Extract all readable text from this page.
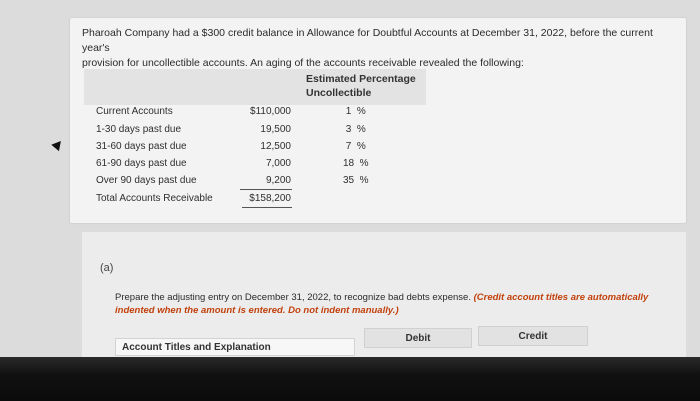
Pharoah Company had a $300 credit balance in Allowance for Doubtful Accounts at December 31, 2022, before the current year's
provision for uncollectible accounts. An aging of the accounts receivable revealed the following:
Estimated Percentage
Uncollectible
Current Accounts	$110,000	1  %
1-30 days past due	19,500	3  %
31-60 days past due	12,500	7  %
61-90 days past due	7,000	18  %
Over 90 days past due	9,200	35  %
Total Accounts Receivable	$158,200
(a)
Prepare the adjusting entry on December 31, 2022, to recognize bad debts expense. (Credit account titles are automatically indented when the amount is entered. Do not indent manually.)
Account Titles and Explanation
Debit	Credit
